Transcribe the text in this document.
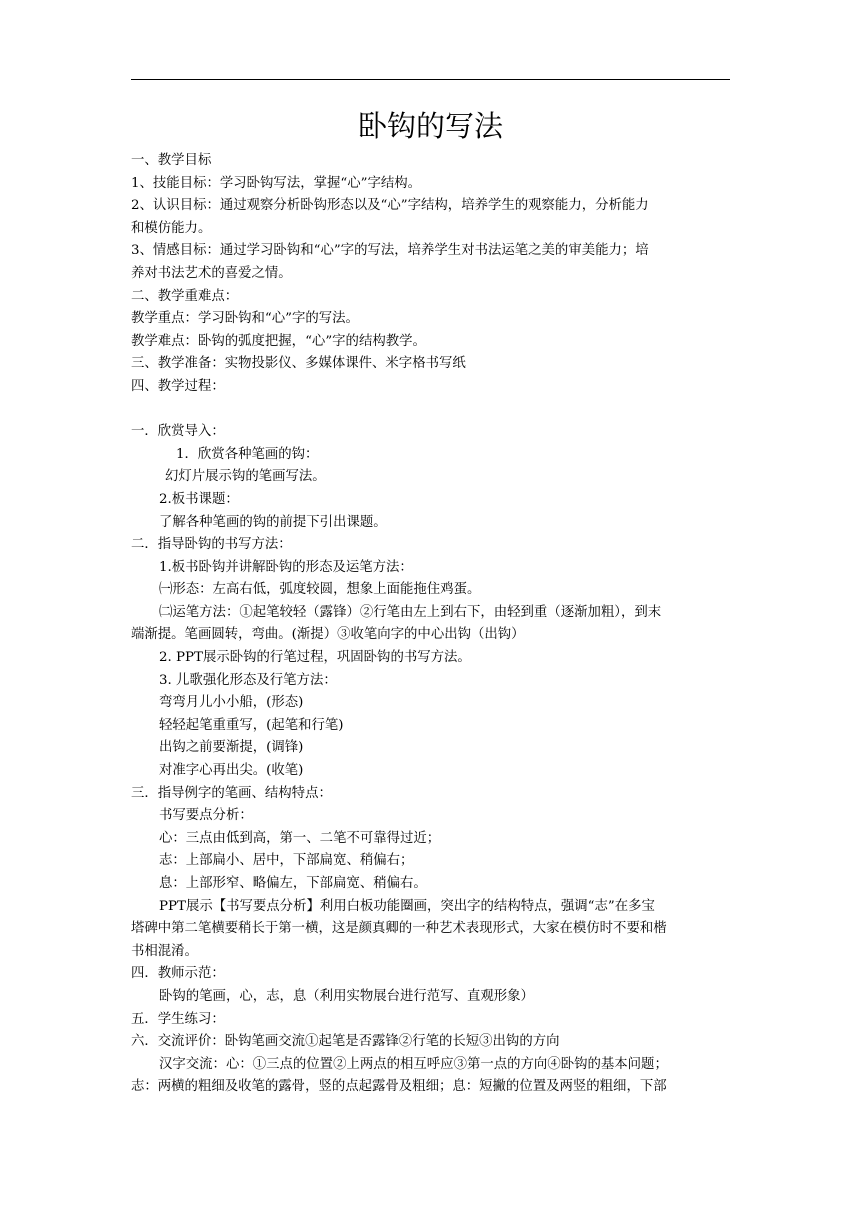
卧钩的写法
一、教学目标
1、技能目标：学习卧钩写法，掌握“心”字结构。
2、认识目标：通过观察分析卧钩形态以及“心”字结构，培养学生的观察能力，分析能力
和模仿能力。
3、情感目标：通过学习卧钩和“心”字的写法，培养学生对书法运笔之美的审美能力；培
养对书法艺术的喜爱之情。
二、教学重难点：
教学重点：学习卧钩和“心”字的写法。
教学难点：卧钩的弧度把握，“心”字的结构教学。
三、教学准备：实物投影仪、多媒体课件、米字格书写纸
四、教学过程：
一．欣赏导入：
1．欣赏各种笔画的钩：
幻灯片展示钩的笔画写法。
2.板书课题：
了解各种笔画的钩的前提下引出课题。
二．指导卧钩的书写方法：
1.板书卧钩并讲解卧钩的形态及运笔方法：
㈠形态：左高右低，弧度较圆，想象上面能拖住鸡蛋。
㈡运笔方法：①起笔较轻（露锋）②行笔由左上到右下，由轻到重（逐渐加粗），到末
端渐提。笔画圆转，弯曲。(渐提）③收笔向字的中心出钩（出钩）
2. PPT展示卧钩的行笔过程，巩固卧钩的书写方法。
3. 儿歌强化形态及行笔方法：
弯弯月儿小小船，(形态)
轻轻起笔重重写，(起笔和行笔)
出钩之前要渐提，(调锋)
对准字心再出尖。(收笔)
三．指导例字的笔画、结构特点：
书写要点分析：
心：三点由低到高，第一、二笔不可靠得过近；
志：上部扁小、居中，下部扁宽、稍偏右；
息：上部形窄、略偏左，下部扁宽、稍偏右。
PPT展示【书写要点分析】利用白板功能圈画，突出字的结构特点，强调“志”在多宝
塔碑中第二笔横要稍长于第一横，这是颜真卿的一种艺术表现形式，大家在模仿时不要和楷
书相混淆。
四．教师示范：
卧钩的笔画，心，志，息（利用实物展台进行范写、直观形象）
五．学生练习：
六．交流评价：卧钩笔画交流①起笔是否露锋②行笔的长短③出钩的方向
汉字交流：心：①三点的位置②上两点的相互呼应③第一点的方向④卧钩的基本问题；
志：两横的粗细及收笔的露骨，竖的点起露骨及粗细；息：短撇的位置及两竖的粗细，下部
